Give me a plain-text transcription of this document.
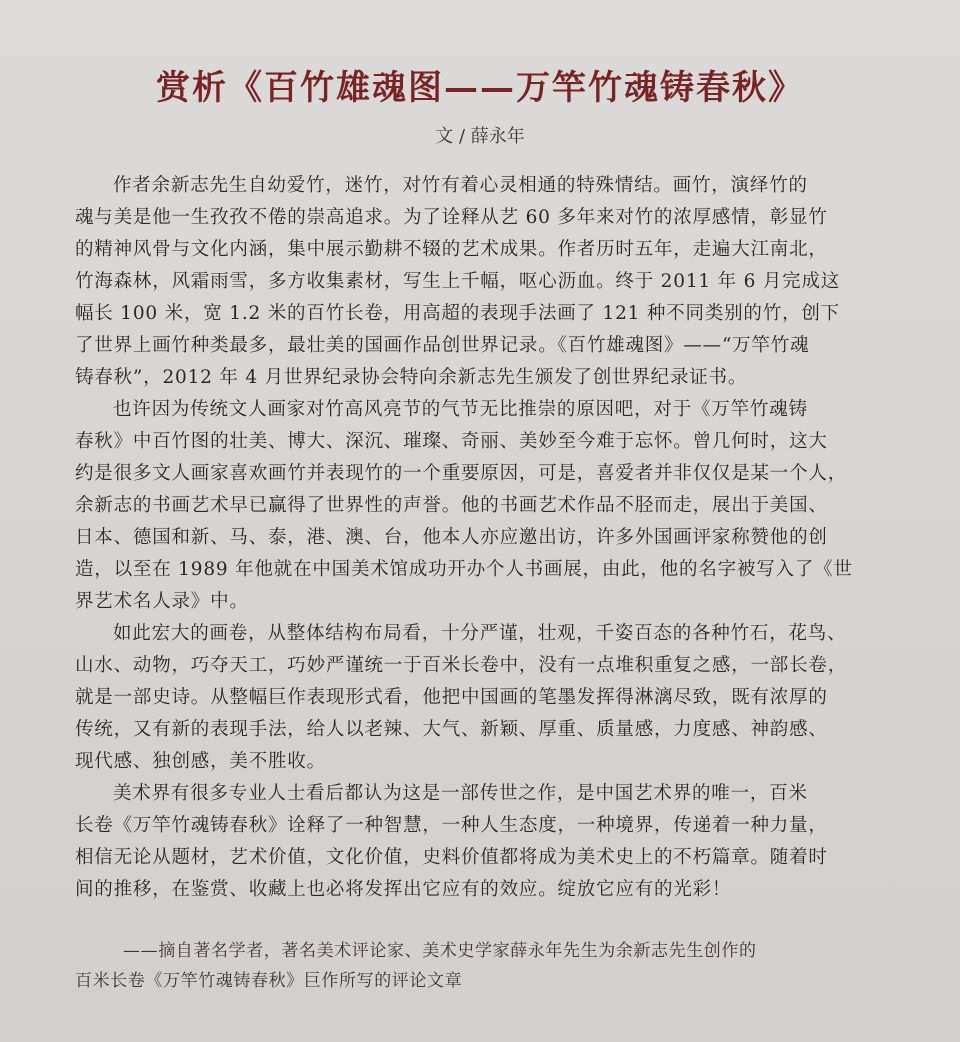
赏析《百竹雄魂图——万竿竹魂铸春秋》
文 / 薛永年
作者余新志先生自幼爱竹，迷竹，对竹有着心灵相通的特殊情结。画竹，演绎竹的
魂与美是他一生孜孜不倦的崇高追求。为了诠释从艺 60 多年来对竹的浓厚感情，彰显竹
的精神风骨与文化内涵，集中展示勤耕不辍的艺术成果。作者历时五年，走遍大江南北，
竹海森林，风霜雨雪，多方收集素材，写生上千幅，呕心沥血。终于 2011 年 6 月完成这
幅长 100 米，宽 1.2 米的百竹长卷，用高超的表现手法画了 121 种不同类别的竹，创下
了世界上画竹种类最多，最壮美的国画作品创世界记录。《百竹雄魂图》——“万竿竹魂
铸春秋”，2012 年 4 月世界纪录协会特向余新志先生颁发了创世界纪录证书。
也许因为传统文人画家对竹高风亮节的气节无比推崇的原因吧，对于《万竿竹魂铸
春秋》中百竹图的壮美、博大、深沉、璀璨、奇丽、美妙至今难于忘怀。曾几何时，这大
约是很多文人画家喜欢画竹并表现竹的一个重要原因，可是，喜爱者并非仅仅是某一个人，
余新志的书画艺术早已赢得了世界性的声誉。他的书画艺术作品不胫而走，展出于美国、
日本、德国和新、马、泰，港、澳、台，他本人亦应邀出访，许多外国画评家称赞他的创
造，以至在 1989 年他就在中国美术馆成功开办个人书画展，由此，他的名字被写入了《世
界艺术名人录》中。
如此宏大的画卷，从整体结构布局看，十分严谨，壮观，千姿百态的各种竹石，花鸟、
山水、动物，巧夺天工，巧妙严谨统一于百米长卷中，没有一点堆积重复之感，一部长卷，
就是一部史诗。从整幅巨作表现形式看，他把中国画的笔墨发挥得淋漓尽致，既有浓厚的
传统，又有新的表现手法，给人以老辣、大气、新颖、厚重、质量感，力度感、神韵感、
现代感、独创感，美不胜收。
美术界有很多专业人士看后都认为这是一部传世之作，是中国艺术界的唯一，百米
长卷《万竿竹魂铸春秋》诠释了一种智慧，一种人生态度，一种境界，传递着一种力量，
相信无论从题材，艺术价值，文化价值，史料价值都将成为美术史上的不朽篇章。随着时
间的推移，在鉴赏、收藏上也必将发挥出它应有的效应。绽放它应有的光彩！
——摘自著名学者，著名美术评论家、美术史学家薛永年先生为余新志先生创作的
百米长卷《万竿竹魂铸春秋》巨作所写的评论文章
